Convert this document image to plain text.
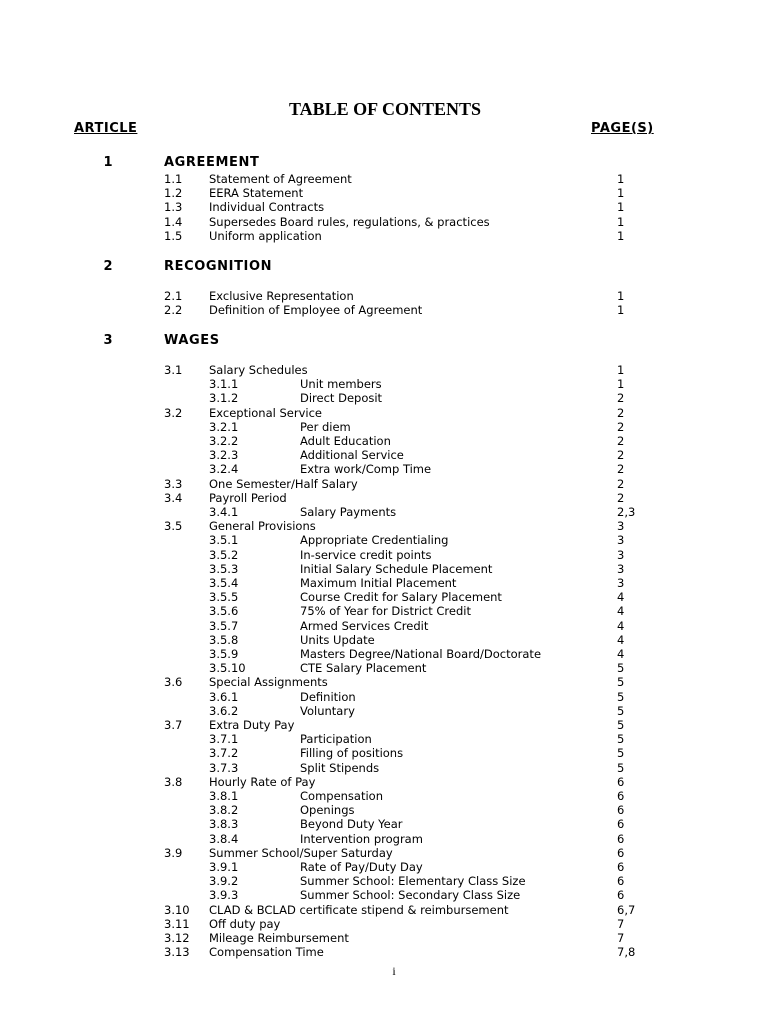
TABLE OF CONTENTS
ARTICLE	PAGE(S)
1	AGREEMENT
1.1 Statement of Agreement	1
1.2 EERA Statement	1
1.3 Individual Contracts	1
1.4 Supersedes Board rules, regulations, & practices	1
1.5 Uniform application	1
2	RECOGNITION
2.1 Exclusive Representation	1
2.2 Definition of Employee of Agreement	1
3	WAGES
3.1 Salary Schedules	1
3.1.1	Unit members	1
3.1.2	Direct Deposit	2
3.2 Exceptional Service	2
3.2.1	Per diem	2
3.2.2	Adult Education	2
3.2.3	Additional Service	2
3.2.4	Extra work/Comp Time	2
3.3 One Semester/Half Salary	2
3.4 Payroll Period	2
3.4.1	Salary Payments	2,3
3.5 General Provisions	3
3.5.1	Appropriate Credentialing	3
3.5.2	In-service credit points	3
3.5.3	Initial Salary Schedule Placement	3
3.5.4	Maximum Initial Placement	3
3.5.5	Course Credit for Salary Placement	4
3.5.6	75% of Year for District Credit	4
3.5.7	Armed Services Credit	4
3.5.8	Units Update	4
3.5.9	Masters Degree/National Board/Doctorate	4
3.5.10	CTE Salary Placement	5
3.6 Special Assignments	5
3.6.1	Definition	5
3.6.2	Voluntary	5
3.7 Extra Duty Pay	5
3.7.1	Participation	5
3.7.2	Filling of positions	5
3.7.3	Split Stipends	5
3.8 Hourly Rate of Pay	6
3.8.1	Compensation	6
3.8.2	Openings	6
3.8.3	Beyond Duty Year	6
3.8.4	Intervention program	6
3.9 Summer School/Super Saturday	6
3.9.1	Rate of Pay/Duty Day	6
3.9.2	Summer School: Elementary Class Size	6
3.9.3	Summer School: Secondary Class Size	6
3.10 CLAD & BCLAD certificate stipend & reimbursement	6,7
3.11 Off duty pay	7
3.12 Mileage Reimbursement	7
3.13 Compensation Time	7,8
i
